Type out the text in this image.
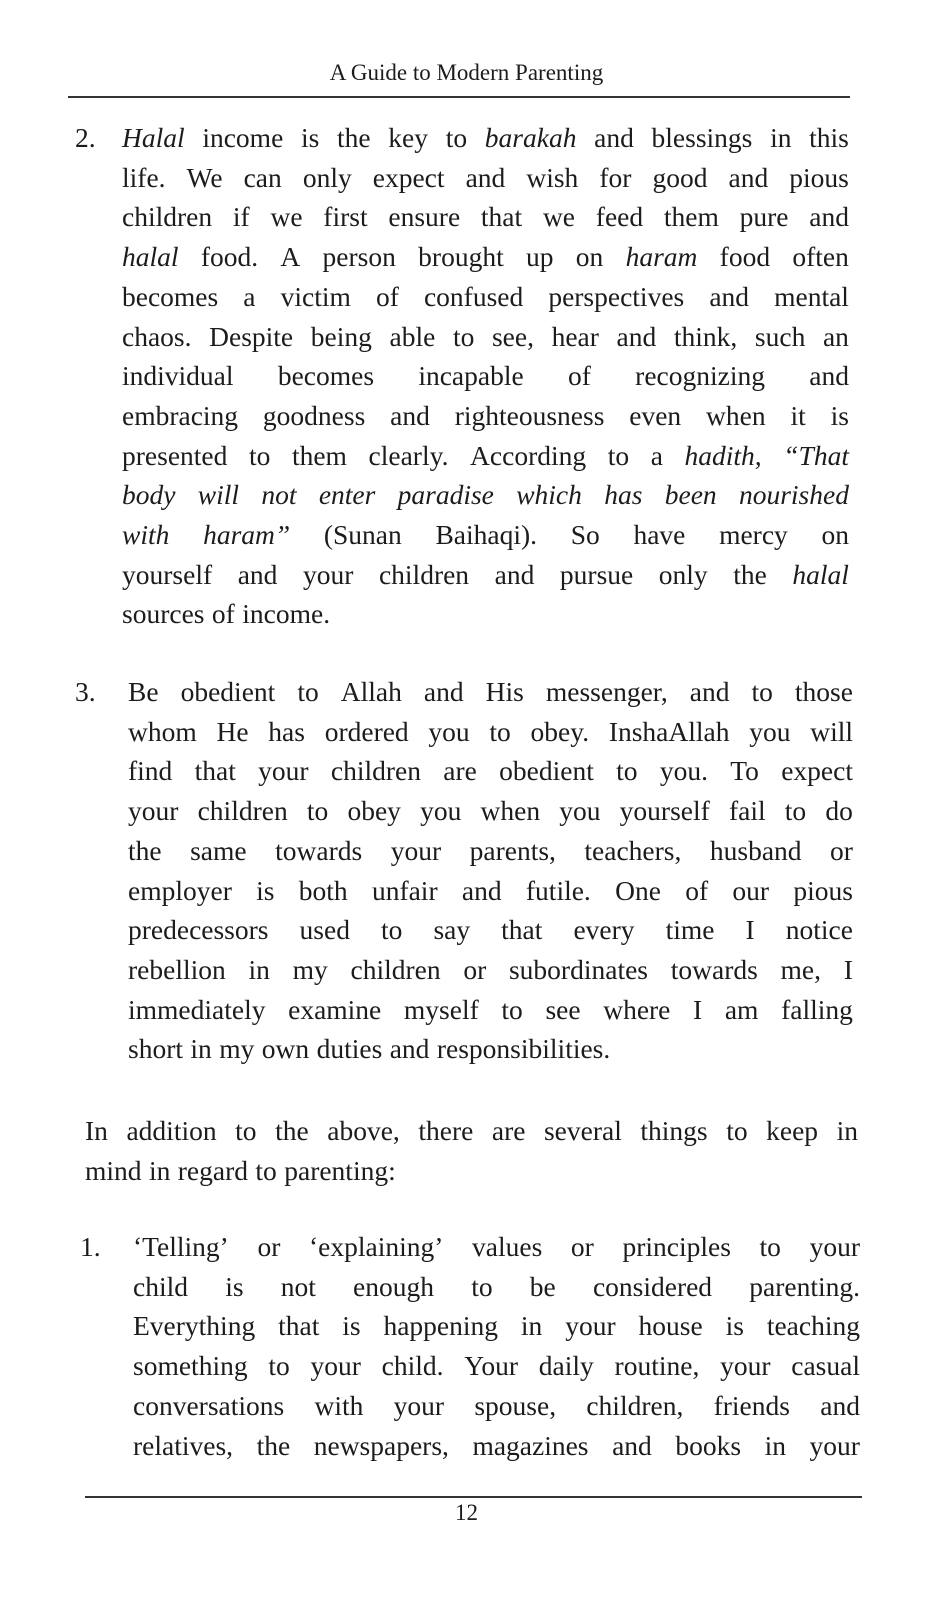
A Guide to Modern Parenting
2. Halal income is the key to barakah and blessings in this
life. We can only expect and wish for good and pious
children if we first ensure that we feed them pure and
halal food. A person brought up on haram food often
becomes a victim of confused perspectives and mental
chaos. Despite being able to see, hear and think, such an
individual becomes incapable of recognizing and
embracing goodness and righteousness even when it is
presented to them clearly. According to a hadith, “That
body will not enter paradise which has been nourished
with haram” (Sunan Baihaqi). So have mercy on
yourself and your children and pursue only the halal
sources of income.
3. Be obedient to Allah and His messenger, and to those
whom He has ordered you to obey. InshaAllah you will
find that your children are obedient to you. To expect
your children to obey you when you yourself fail to do
the same towards your parents, teachers, husband or
employer is both unfair and futile. One of our pious
predecessors used to say that every time I notice
rebellion in my children or subordinates towards me, I
immediately examine myself to see where I am falling
short in my own duties and responsibilities.
In addition to the above, there are several things to keep in
mind in regard to parenting:
1. ‘Telling’ or ‘explaining’ values or principles to your
child is not enough to be considered parenting.
Everything that is happening in your house is teaching
something to your child. Your daily routine, your casual
conversations with your spouse, children, friends and
relatives, the newspapers, magazines and books in your
12
